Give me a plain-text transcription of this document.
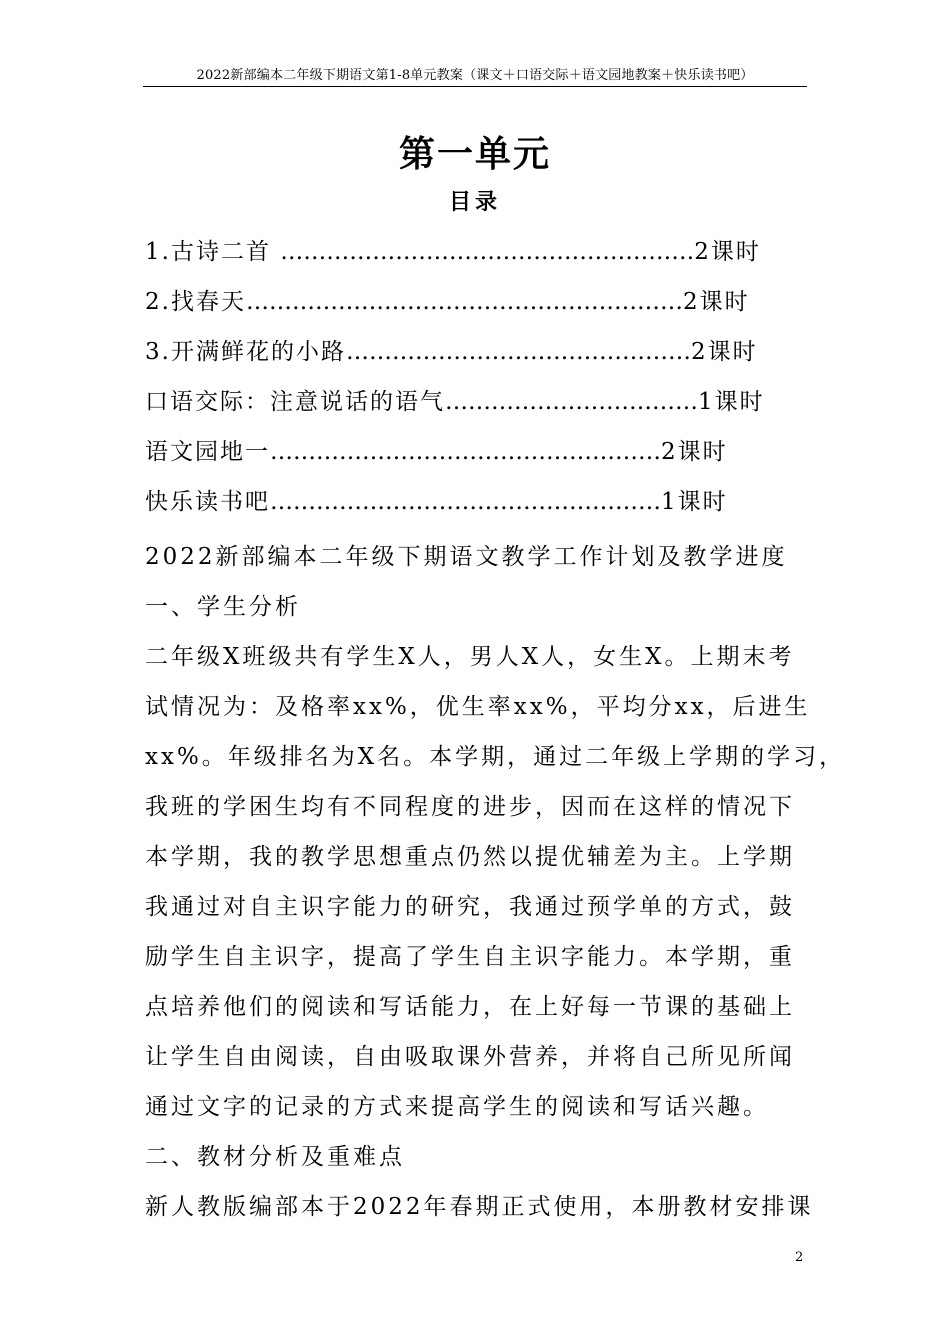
2022新部编本二年级下期语文第1-8单元教案（课文＋口语交际＋语文园地教案＋快乐读书吧）
第一单元
目录
1.古诗二首 ………………………………………………2课时
2.找春天…………………………………………………2课时
3.开满鲜花的小路………………………………………2课时
口语交际：注意说话的语气……………………………1课时
语文园地一……………………………………………2课时
快乐读书吧……………………………………………1课时

2022新部编本二年级下期语文教学工作计划及教学进度

一、学生分析

二年级X班级共有学生X人，男人X人，女生X。上期末考

试情况为：及格率xx%，优生率xx%，平均分xx，后进生

xx%。年级排名为X名。本学期，通过二年级上学期的学习，

我班的学困生均有不同程度的进步，因而在这样的情况下

本学期，我的教学思想重点仍然以提优辅差为主。上学期

我通过对自主识字能力的研究，我通过预学单的方式，鼓

励学生自主识字，提高了学生自主识字能力。本学期，重

点培养他们的阅读和写话能力，在上好每一节课的基础上

让学生自由阅读，自由吸取课外营养，并将自己所见所闻

通过文字的记录的方式来提高学生的阅读和写话兴趣。

二、教材分析及重难点

新人教版编部本于2022年春期正式使用，本册教材安排课

2
